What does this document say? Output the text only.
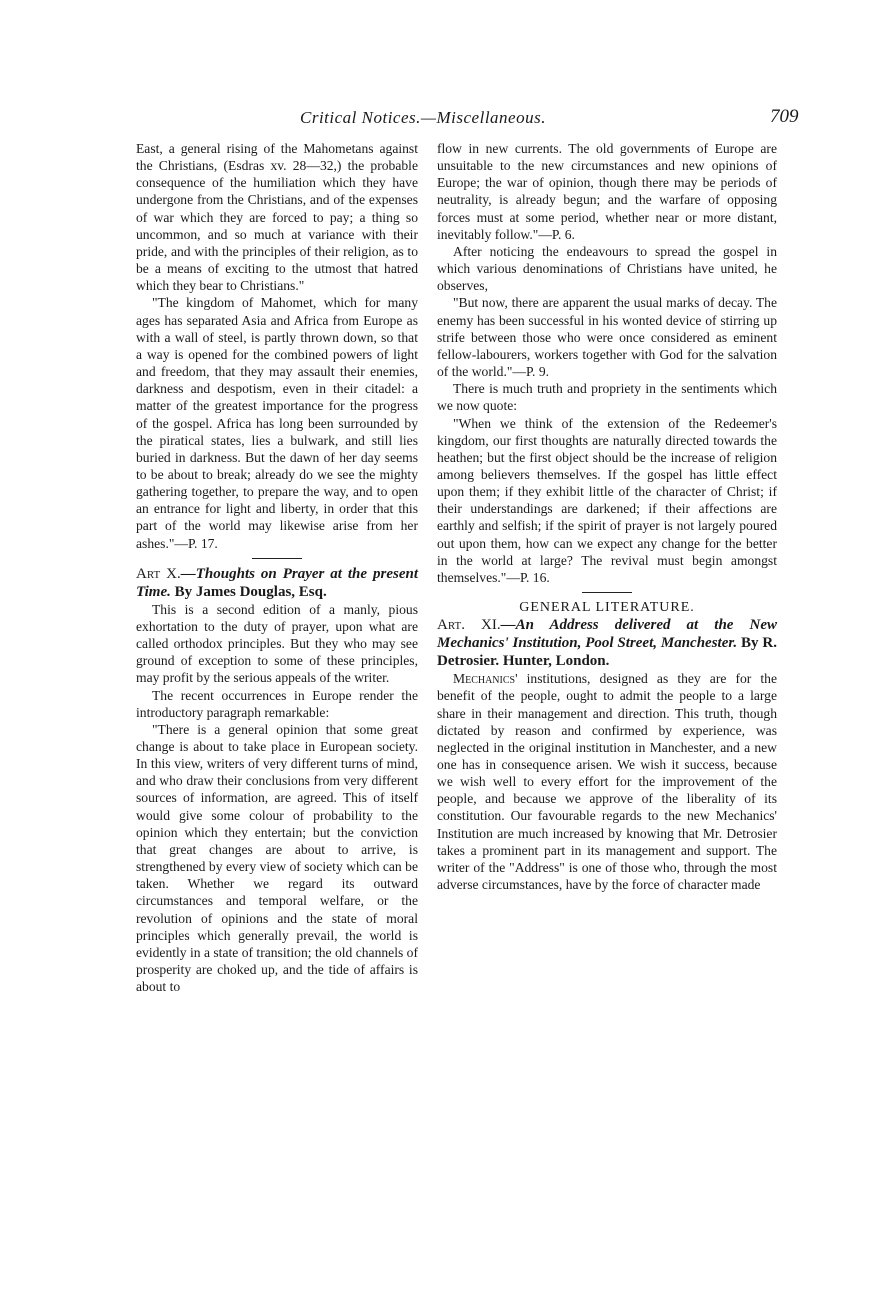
Critical Notices.—Miscellaneous.	709

East, a general rising of the Mahometans against the Christians, (Esdras xv. 28—32,) the probable consequence of the humiliation which they have undergone from the Christians, and of the expenses of war which they are forced to pay; a thing so uncommon, and so much at variance with their pride, and with the principles of their religion, as to be a means of exciting to the utmost that hatred which they bear to Christians."

"The kingdom of Mahomet, which for many ages has separated Asia and Africa from Europe as with a wall of steel, is partly thrown down, so that a way is opened for the combined powers of light and freedom, that they may assault their enemies, darkness and despotism, even in their citadel: a matter of the greatest importance for the progress of the gospel. Africa has long been surrounded by the piratical states, lies a bulwark, and still lies buried in darkness. But the dawn of her day seems to be about to break; already do we see the mighty gathering together, to prepare the way, and to open an entrance for light and liberty, in order that this part of the world may likewise arise from her ashes."—P. 17.

Art X.—Thoughts on Prayer at the present Time. By James Douglas, Esq.

This is a second edition of a manly, pious exhortation to the duty of prayer, upon what are called orthodox principles. But they who may see ground of exception to some of these principles, may profit by the serious appeals of the writer.

The recent occurrences in Europe render the introductory paragraph remarkable:

"There is a general opinion that some great change is about to take place in European society. In this view, writers of very different turns of mind, and who draw their conclusions from very different sources of information, are agreed. This of itself would give some colour of probability to the opinion which they entertain; but the conviction that great changes are about to arrive, is strengthened by every view of society which can be taken. Whether we regard its outward circumstances and temporal welfare, or the revolution of opinions and the state of moral principles which generally prevail, the world is evidently in a state of transition; the old channels of prosperity are choked up, and the tide of affairs is about to

flow in new currents. The old governments of Europe are unsuitable to the new circumstances and new opinions of Europe; the war of opinion, though there may be periods of neutrality, is already begun; and the warfare of opposing forces must at some period, whether near or more distant, inevitably follow."—P. 6.

After noticing the endeavours to spread the gospel in which various denominations of Christians have united, he observes,

"But now, there are apparent the usual marks of decay. The enemy has been successful in his wonted device of stirring up strife between those who were once considered as eminent fellow-labourers, workers together with God for the salvation of the world."—P. 9.

There is much truth and propriety in the sentiments which we now quote:

"When we think of the extension of the Redeemer's kingdom, our first thoughts are naturally directed towards the heathen; but the first object should be the increase of religion among believers themselves. If the gospel has little effect upon them; if they exhibit little of the character of Christ; if their understandings are darkened; if their affections are earthly and selfish; if the spirit of prayer is not largely poured out upon them, how can we expect any change for the better in the world at large? The revival must begin amongst themselves."—P. 16.

GENERAL LITERATURE.

Art. XI.—An Address delivered at the New Mechanics' Institution, Pool Street, Manchester. By R. Detrosier. Hunter, London.

Mechanics' institutions, designed as they are for the benefit of the people, ought to admit the people to a large share in their management and direction. This truth, though dictated by reason and confirmed by experience, was neglected in the original institution in Manchester, and a new one has in consequence arisen. We wish it success, because we wish well to every effort for the improvement of the people, and because we approve of the liberality of its constitution. Our favourable regards to the new Mechanics' Institution are much increased by knowing that Mr. Detrosier takes a prominent part in its management and support. The writer of the "Address" is one of those who, through the most adverse circumstances, have by the force of character made
